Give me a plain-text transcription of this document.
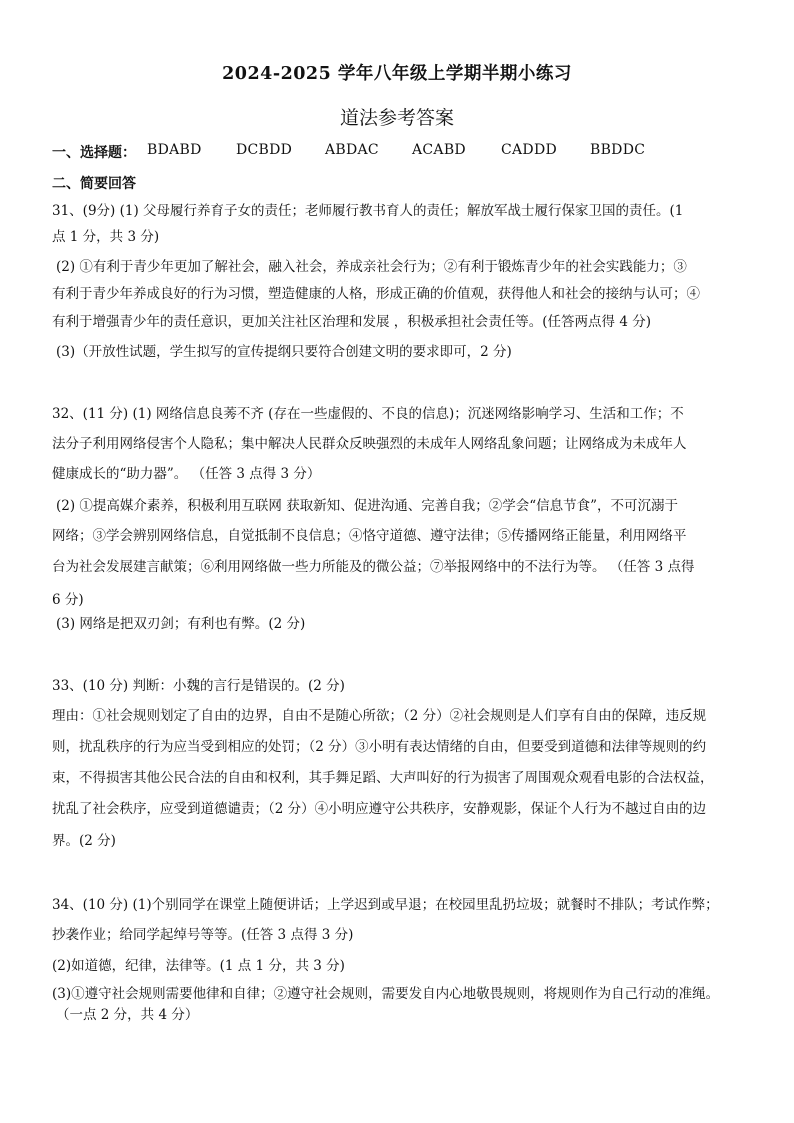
2024-2025 学年八年级上学期半期小练习
道法参考答案
一、选择题： BDABD DCBDD ABDAC ACABD	CADDD BBDDC
二、简要回答
31、(9分) (1) 父母履行养育子女的责任；老师履行教书育人的责任；解放军战士履行保家卫国的责任。(1
点 1 分，共 3 分)
(2) ①有利于青少年更加了解社会，融入社会，养成亲社会行为；②有利于锻炼青少年的社会实践能力；③
有利于青少年养成良好的行为习惯，塑造健康的人格，形成正确的价值观，获得他人和社会的接纳与认可；④
有利于增强青少年的责任意识，更加关注社区治理和发展 ，积极承担社会责任等。(任答两点得 4 分)
(3)（开放性试题，学生拟写的宣传提纲只要符合创建文明的要求即可，2 分)
32、(11 分) (1) 网络信息良莠不齐 (存在一些虚假的、不良的信息)；沉迷网络影响学习、生活和工作；不
法分子利用网络侵害个人隐私；集中解决人民群众反映强烈的未成年人网络乱象问题；让网络成为未成年人
健康成长的“助力器”。 （任答 3 点得 3 分）
(2) ①提高媒介素养，积极利用互联网 获取新知、促进沟通、完善自我；②学会“信息节食”，不可沉溺于
网络；③学会辨别网络信息，自觉抵制不良信息；④恪守道德、遵守法律；⑤传播网络正能量，利用网络平
台为社会发展建言献策；⑥利用网络做一些力所能及的微公益；⑦举报网络中的不法行为等。 （任答 3 点得
6 分)
(3) 网络是把双刃剑；有利也有弊。(2 分)
33、(10 分) 判断：小魏的言行是错误的。(2 分)
理由：①社会规则划定了自由的边界，自由不是随心所欲；（2 分）②社会规则是人们享有自由的保障，违反规
则，扰乱秩序的行为应当受到相应的处罚；（2 分）③小明有表达情绪的自由，但要受到道德和法律等规则的约
束，不得损害其他公民合法的自由和权利，其手舞足蹈、大声叫好的行为损害了周围观众观看电影的合法权益，
扰乱了社会秩序，应受到道德谴责；（2 分）④小明应遵守公共秩序，安静观影，保证个人行为不越过自由的边
界。(2 分)
34、(10 分) (1)个别同学在课堂上随便讲话；上学迟到或早退；在校园里乱扔垃圾；就餐时不排队；考试作弊；
抄袭作业；给同学起绰号等等。(任答 3 点得 3 分)
(2)如道德，纪律，法律等。(1 点 1 分，共 3 分)
(3)①遵守社会规则需要他律和自律；②遵守社会规则，需要发自内心地敬畏规则，将规则作为自己行动的准绳。
（一点 2 分，共 4 分）
